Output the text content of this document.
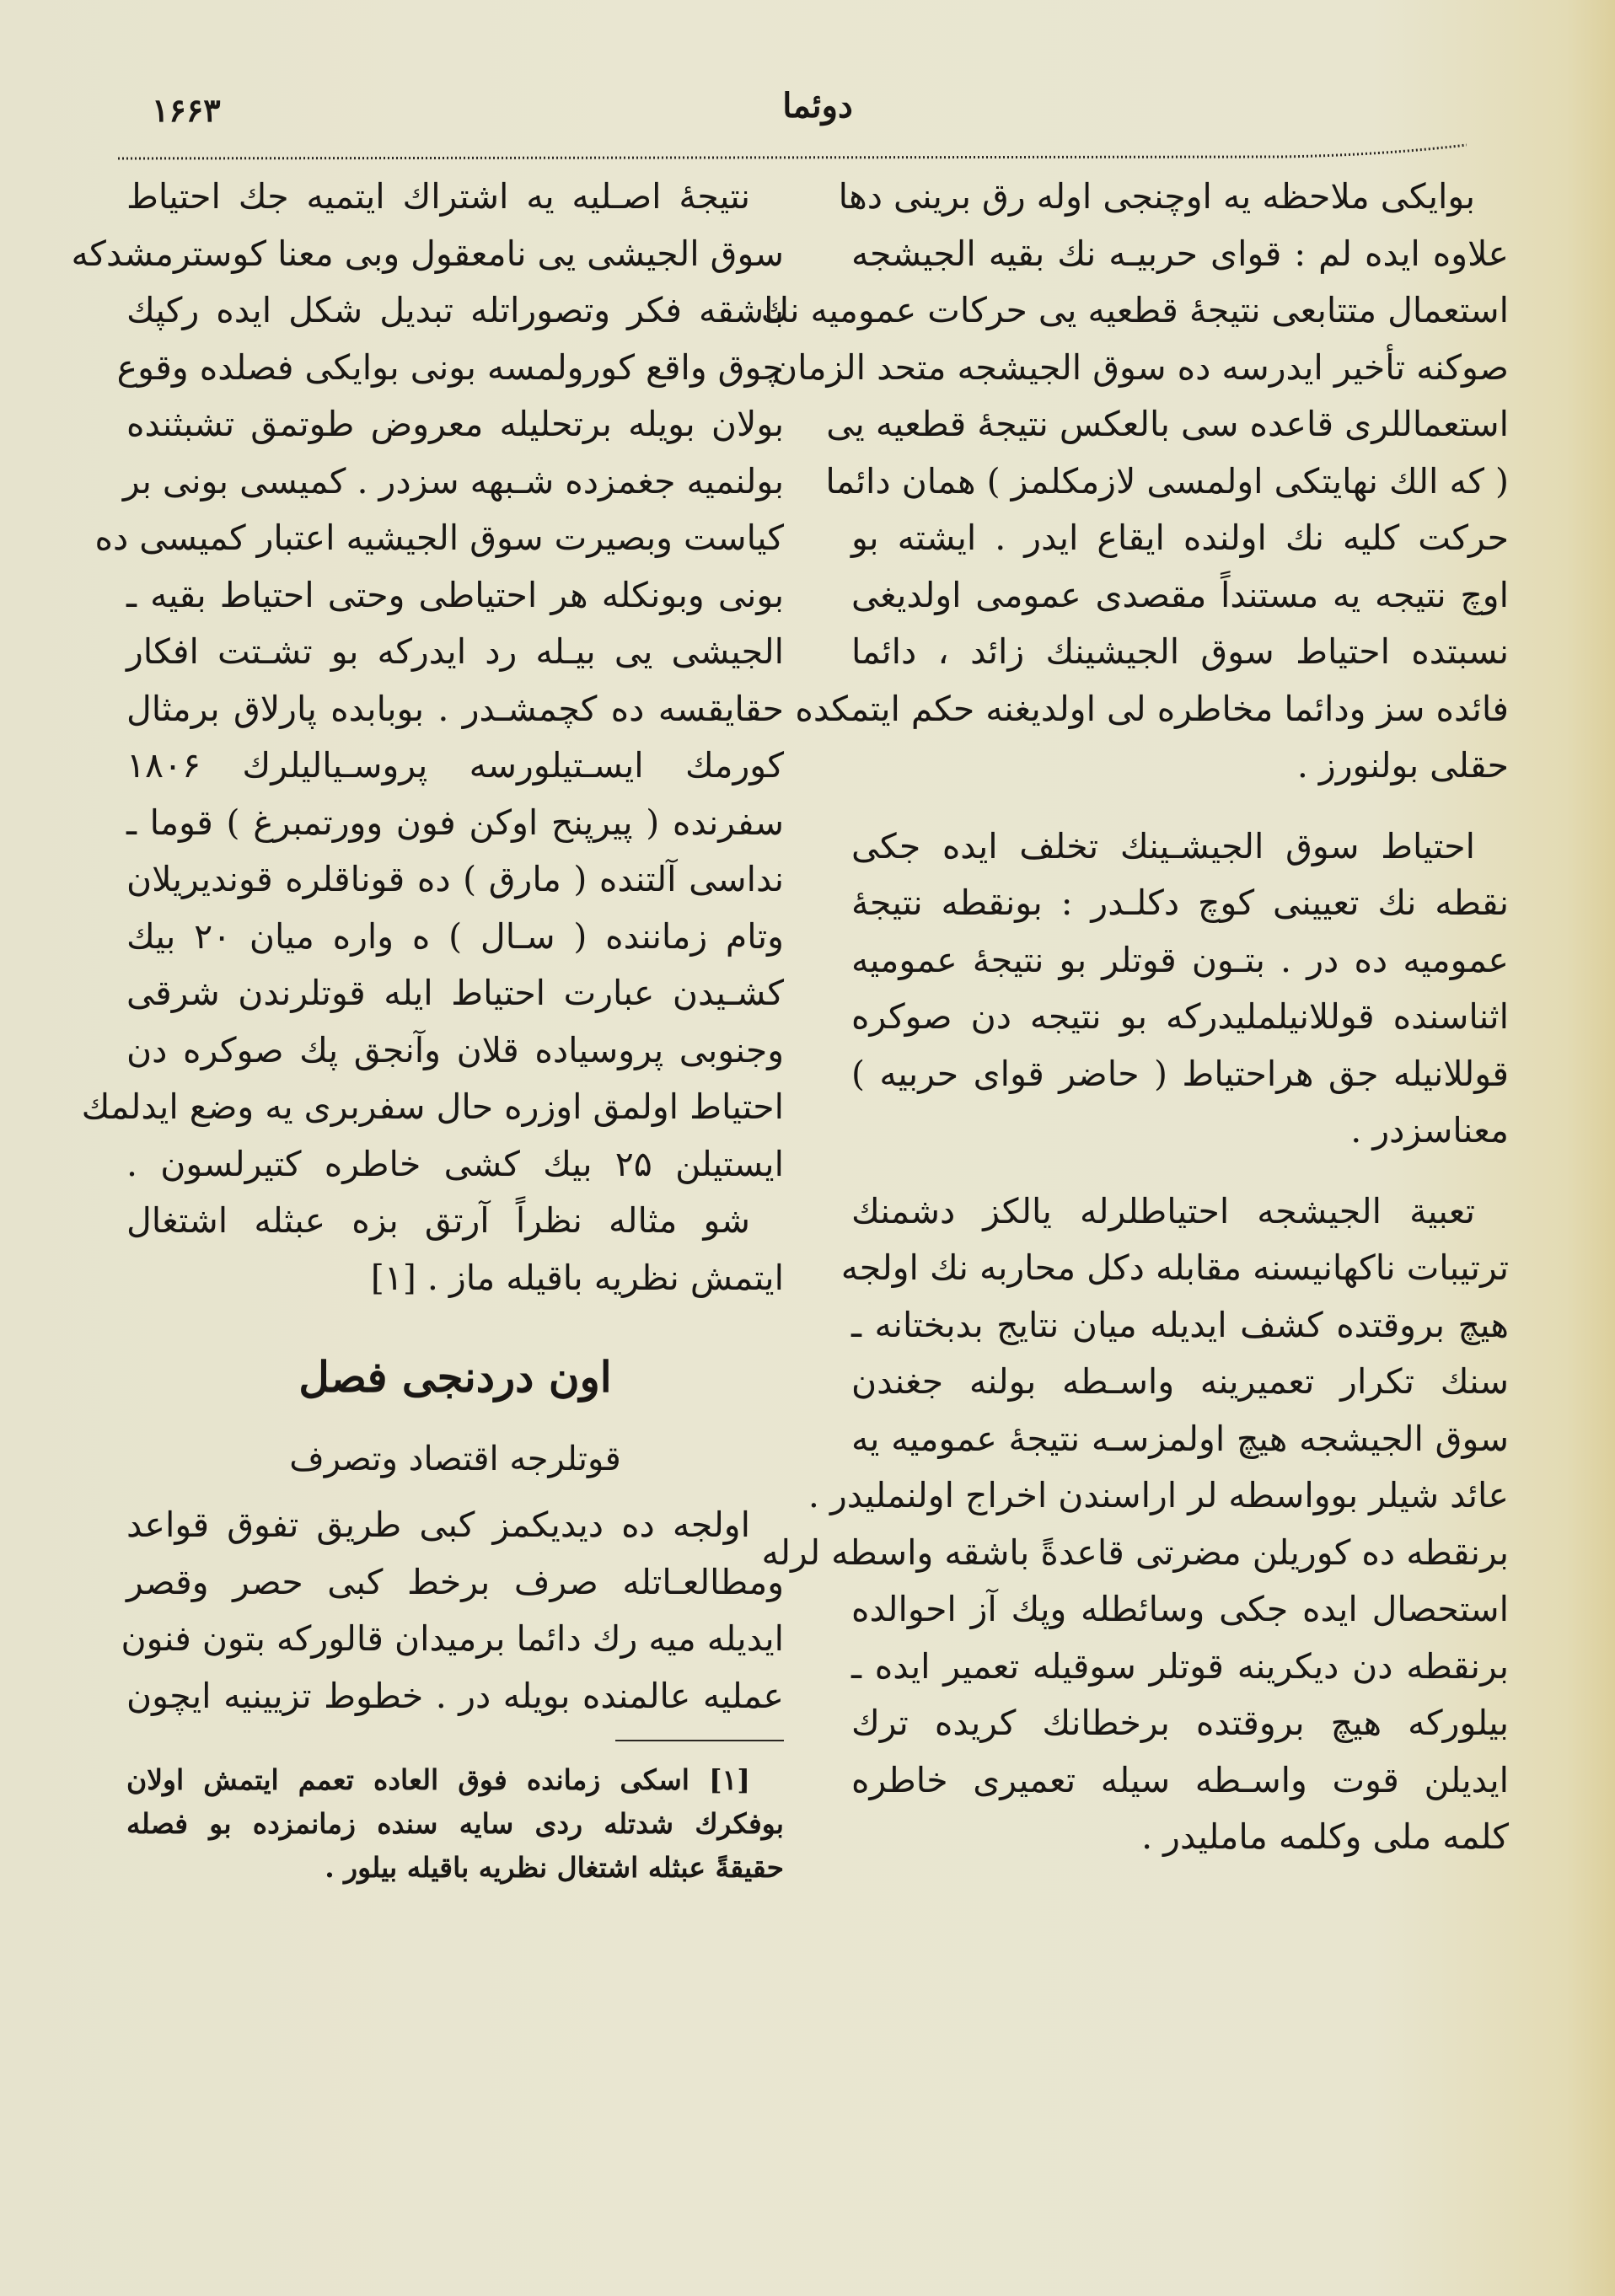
۱۶۶۳	دوئما
بوايكى ملاحظه يه اوچنجى اوله رق برينى دها
علاوه ايده لم : قواى حربيـه نك بقيه الجيشجه
استعمال متتابعى نتيجهٔ قطعيه يى حركات عموميه نك
صوكنه تأخير ايدرسه ده سوق الجيشجه متحد الزمان
استعماللرى قاعده سى بالعكس نتيجهٔ قطعيه يى
( كه الك نهايتكى اولمسى لازمكلمز ) همان دائما
حركت كليه نك اولنده ايقاع ايدر . ايشته بو
اوچ نتيجه يه مستنداً مقصدى عمومى اولديغى
نسبتده احتياط سوق الجيشينك زائد ، دائما
فائده سز ودائما مخاطره لى اولديغنه حكم ايتمكده
حقلى بولنورز .
احتياط سوق الجيشـينك تخلف ايده جكى
نقطه نك تعيينى كوچ دكلـدر : بونقطه نتيجهٔ
عموميه ده در . بتـون قوتلر بو نتيجهٔ عموميه
اثناسنده قوللانيلمليدركه بو نتيجه دن صوكره
قوللانيله جق هراحتياط ( حاضر قواى حربيه )
معناسزدر .
تعبية الجيشجه احتياطلرله يالكز دشمنك
ترتيبات ناكهانيسنه مقابله دكل محاربه نك اولجه
هيچ بروقتده كشف ايديله ميان نتايج بدبختانه ـ
سنك تكرار تعميرينه واسـطه بولنه جغندن
سوق الجيشجه هيچ اولمزسـه نتيجهٔ عموميه يه
عائد شيلر بوواسطه لر اراسندن اخراج اولنمليدر .
برنقطه ده كوريلن مضرتى قاعدةً باشقه واسطه لرله
استحصال ايده جكى وسائطله وپك آز احوالده
برنقطه دن ديكرينه قوتلر سوقيله تعمير ايده ـ
بيلوركه هيچ بروقتده برخطانك كريده ترك
ايديلن قوت واسـطه سيله تعميرى خاطره
كلمه ملى وكلمه ماملیدر .
نتيجهٔ اصـليه يه اشتراك ايتميه جك احتياط
سوق الجيشى يى نامعقول وبى معنا كوسترمشدكه
باشقه فكر وتصوراتله تبديل شكل ايده ركپك
چوق واقع كورولمسه بونى بوايكى فصلده وقوع
بولان بويله برتحليله معروض طوتمق تشبثنده
بولنميه جغمزده شـبهه سزدر . كميسى بونى بر
كياست وبصيرت سوق الجيشيه اعتبار كميسى ده
بونى وبونكله هر احتياطى وحتى احتياط بقيه ـ
الجيشى يى بيـله رد ايدركه بو تشـتت افكار
حقايقسه ده كچمشـدر . بوبابده پارلاق برمثال
كورمك ايسـتيلورسه پروسـياليلرك ۱۸۰۶
سفرنده ( پيرپنح اوكن فون وورتمبرغ ) قوما ـ
نداسى آلتنده ( مارق ) ده قوناقلره قونديريلان
وتام زماننده ( سـال ) ه واره ميان ۲۰ بيك
كشـيدن عبارت احتياط ايله قوتلرندن شرقى
وجنوبى پروسياده قلان وآنجق پك صوكره دن
احتياط اولمق اوزره حال سفربرى يه وضع ايدلمك
ايستيلن ۲۵ بيك كشى خاطره كتيرلسون .
شو مثاله نظراً آرتق بزه عبثله اشتغال
ايتمش نظريه باقيله ماز . [۱]
اون دردنجى فصل
قوتلرجه اقتصاد وتصرف
اولجه ده ديديكمز كبى طريق تفوق قواعد
ومطالعـاتله صرف برخط كبى حصر وقصر
ايديله ميه رك دائما برميدان قالوركه بتون فنون
عمليه عالمنده بويله در . خطوط تزيينيه ايچون
[۱] اسكى زمانده فوق العاده تعمم ايتمش اولان
بوفكرك شدتله ردى سايه سنده زمانمزده بو فصله
حقيقةً عبثله اشتغال نظريه باقيله بيلور .
